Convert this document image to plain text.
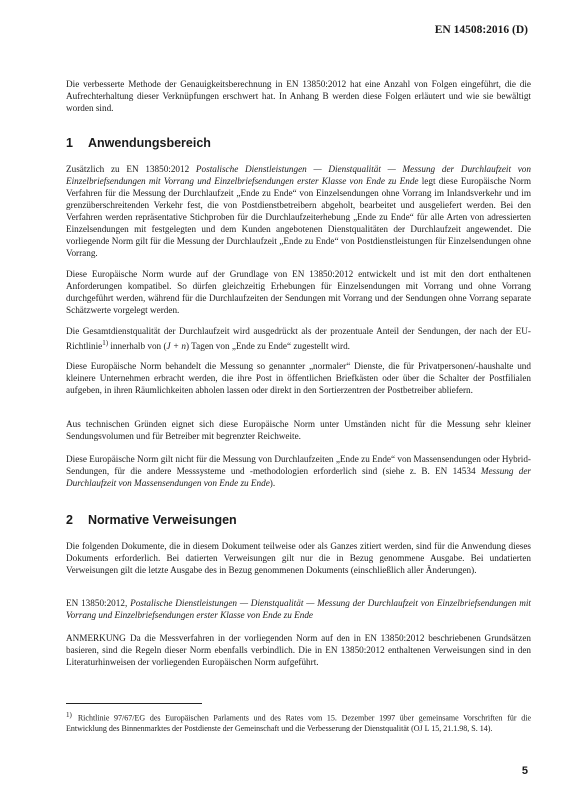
EN 14508:2016 (D)

Die verbesserte Methode der Genauigkeitsberechnung in EN 13850:2012 hat eine Anzahl von Folgen eingeführt, die die Aufrechterhaltung dieser Verknüpfungen erschwert hat. In Anhang B werden diese Folgen erläutert und wie sie bewältigt worden sind.

1 Anwendungsbereich

Zusätzlich zu EN 13850:2012 Postalische Dienstleistungen — Dienstqualität — Messung der Durchlaufzeit von Einzelbriefsendungen mit Vorrang und Einzelbriefsendungen erster Klasse von Ende zu Ende legt diese Europäische Norm Verfahren für die Messung der Durchlaufzeit „Ende zu Ende“ von Einzelsendungen ohne Vorrang im Inlandsverkehr und im grenzüberschreitenden Verkehr fest, die von Postdienstbetreibern abgeholt, bearbeitet und ausgeliefert werden. Bei den Verfahren werden repräsentative Stichproben für die Durchlaufzeiterhebung „Ende zu Ende“ für alle Arten von adressierten Einzelsendungen mit festgelegten und dem Kunden angebotenen Dienstqualitäten der Durchlaufzeit angewendet. Die vorliegende Norm gilt für die Messung der Durchlaufzeit „Ende zu Ende“ von Postdienstleistungen für Einzelsendungen ohne Vorrang.

Diese Europäische Norm wurde auf der Grundlage von EN 13850:2012 entwickelt und ist mit den dort enthaltenen Anforderungen kompatibel. So dürfen gleichzeitig Erhebungen für Einzelsendungen mit Vorrang und ohne Vorrang durchgeführt werden, während für die Durchlaufzeiten der Sendungen mit Vorrang und der Sendungen ohne Vorrang separate Schätzwerte vorgelegt werden.

Die Gesamtdienstqualität der Durchlaufzeit wird ausgedrückt als der prozentuale Anteil der Sendungen, der nach der EU-Richtlinie$^{1)}$ innerhalb von (J + n) Tagen von „Ende zu Ende“ zugestellt wird.

Diese Europäische Norm behandelt die Messung so genannter „normaler“ Dienste, die für Privatpersonen/-haushalte und kleinere Unternehmen erbracht werden, die ihre Post in öffentlichen Briefkästen oder über die Schalter der Postfilialen aufgeben, in ihren Räumlichkeiten abholen lassen oder direkt in den Sortierzentren der Postbetreiber abliefern.

Aus technischen Gründen eignet sich diese Europäische Norm unter Umständen nicht für die Messung sehr kleiner Sendungsvolumen und für Betreiber mit begrenzter Reichweite.

Diese Europäische Norm gilt nicht für die Messung von Durchlaufzeiten „Ende zu Ende“ von Massensendungen oder Hybrid-Sendungen, für die andere Messsysteme und -methodologien erforderlich sind (siehe z. B. EN 14534 Messung der Durchlaufzeit von Massensendungen von Ende zu Ende).

2 Normative Verweisungen

Die folgenden Dokumente, die in diesem Dokument teilweise oder als Ganzes zitiert werden, sind für die Anwendung dieses Dokuments erforderlich. Bei datierten Verweisungen gilt nur die in Bezug genommene Ausgabe. Bei undatierten Verweisungen gilt die letzte Ausgabe des in Bezug genommenen Dokuments (einschließlich aller Änderungen).

EN 13850:2012, Postalische Dienstleistungen — Dienstqualität — Messung der Durchlaufzeit von Einzelbriefsendungen mit Vorrang und Einzelbriefsendungen erster Klasse von Ende zu Ende

ANMERKUNG Da die Messverfahren in der vorliegenden Norm auf den in EN 13850:2012 beschriebenen Grundsätzen basieren, sind die Regeln dieser Norm ebenfalls verbindlich. Die in EN 13850:2012 enthaltenen Verweisungen sind in den Literaturhinweisen der vorliegenden Europäischen Norm aufgeführt.

$^{1)}$ Richtlinie 97/67/EG des Europäischen Parlaments und des Rates vom 15. Dezember 1997 über gemeinsame Vorschriften für die Entwicklung des Binnenmarktes der Postdienste der Gemeinschaft und die Verbesserung der Dienstqualität (OJ L 15, 21.1.98, S. 14).
5
